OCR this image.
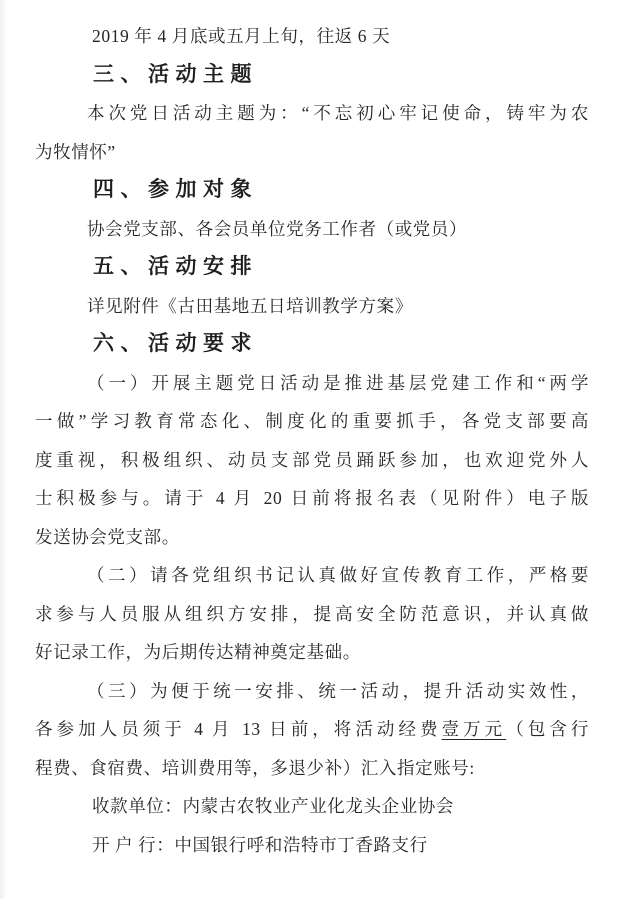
2019 年 4 月底或五月上旬，往返 6 天
三、活动主题
本次党日活动主题为：“不忘初心牢记使命，铸牢为农
为牧情怀”
四、参加对象
协会党支部、各会员单位党务工作者（或党员）
五、活动安排
详见附件《古田基地五日培训教学方案》
六、活动要求
（一）开展主题党日活动是推进基层党建工作和“两学
一做”学习教育常态化、制度化的重要抓手，各党支部要高
度重视，积极组织、动员支部党员踊跃参加，也欢迎党外人
士积极参与。请于 4 月 20 日前将报名表（见附件）电子版
发送协会党支部。
（二）请各党组织书记认真做好宣传教育工作，严格要
求参与人员服从组织方安排，提高安全防范意识，并认真做
好记录工作，为后期传达精神奠定基础。
（三）为便于统一安排、统一活动，提升活动实效性，
各参加人员须于 4 月 13 日前，将活动经费壹万元（包含行
程费、食宿费、培训费用等，多退少补）汇入指定账号:
收款单位：内蒙古农牧业产业化龙头企业协会
开 户 行：中国银行呼和浩特市丁香路支行
